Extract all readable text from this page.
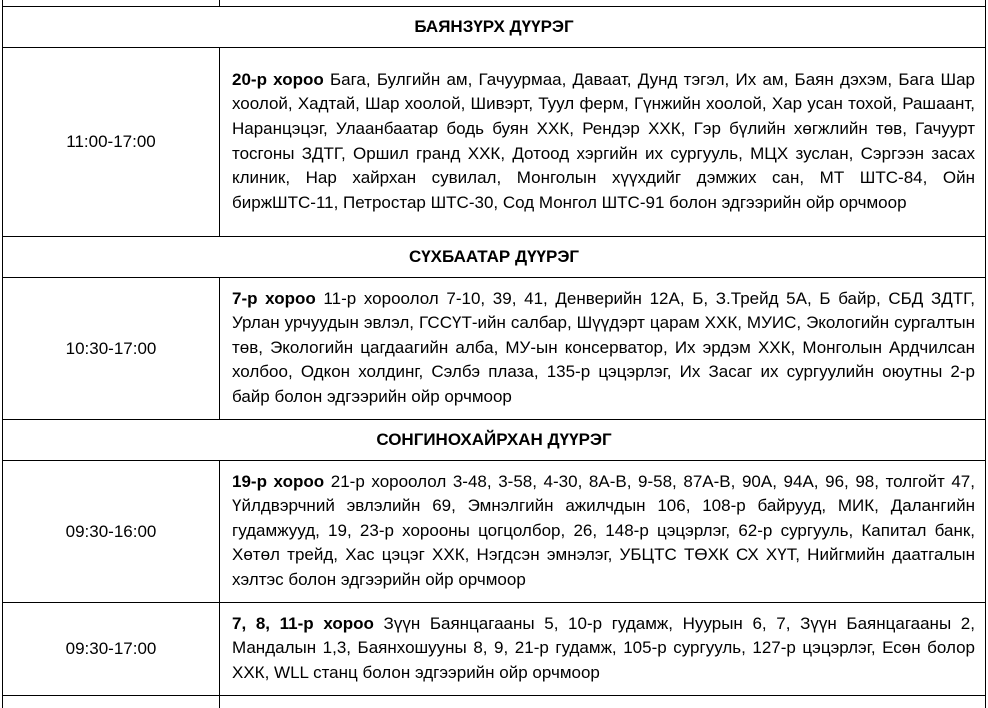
БАЯНЗҮРХ ДҮҮРЭГ	
11:00-17:00	20-р хороо Бага, Булгийн ам, Гачуурмаа, Даваат, Дунд тэгэл, Их ам, Баян дэхэм, Бага Шар хоолой, Хадтай, Шар хоолой, Шивэрт, Туул ферм, Гүнжийн хоолой, Хар усан тохой, Рашаант, Наранцэцэг, Улаанбаатар бодь буян ХХК, Рендэр ХХК, Гэр бүлийн хөгжлийн төв, Гачуурт тосгоны ЗДТГ, Оршил гранд ХХК, Дотоод хэргийн их сургууль, МЦХ зуслан, Сэргээн засах клиник, Нар хайрхан сувилал, Монголын хүүхдийг дэмжих сан, МТ ШТС-84, Ойн биржШТС-11, Петростар ШТС-30, Сод Монгол ШТС-91 болон эдгээрийн ойр орчмоор
СҮХБААТАР ДҮҮРЭГ	
10:30-17:00	7-р хороо 11-р хороолол 7-10, 39, 41, Денверийн 12А, Б, З.Трейд 5А, Б байр, СБД ЗДТГ, Урлан урчуудын эвлэл, ГССҮТ-ийн салбар, Шүүдэрт царам ХХК, МУИС, Экологийн сургалтын төв, Экологийн цагдаагийн алба, МУ-ын консерватор, Их эрдэм ХХК, Монголын Ардчилсан холбоо, Одкон холдинг, Сэлбэ плаза, 135-р цэцэрлэг, Их Засаг их сургуулийн оюутны 2-р байр болон эдгээрийн ойр орчмоор
СОНГИНОХАЙРХАН ДҮҮРЭГ	
09:30-16:00	19-р хороо 21-р хороолол 3-48, 3-58, 4-30, 8А-В, 9-58, 87А-В, 90А, 94А, 96, 98, толгойт 47, Үйлдвэрчний эвлэлийн 69, Эмнэлгийн ажилчдын 106, 108-р байрууд, МИК, Далангийн гудамжууд, 19, 23-р хорооны цогцолбор, 26, 148-р цэцэрлэг, 62-р сургууль, Капитал банк, Хөтөл трейд, Хас цэцэг ХХК, Нэгдсэн эмнэлэг, УБЦТС ТӨХК СХ ХҮТ, Нийгмийн даатгалын хэлтэс болон эдгээрийн ойр орчмоор
09:30-17:00	7, 8, 11-р хороо Зүүн Баянцагааны 5, 10-р гудамж, Нуурын 6, 7, Зүүн Баянцагааны 2, Мандалын 1,3, Баянхошууны 8, 9, 21-р гудамж, 105-р сургууль, 127-р цэцэрлэг, Есөн болор ХХК, WLL станц болон эдгээрийн ойр орчмоор
